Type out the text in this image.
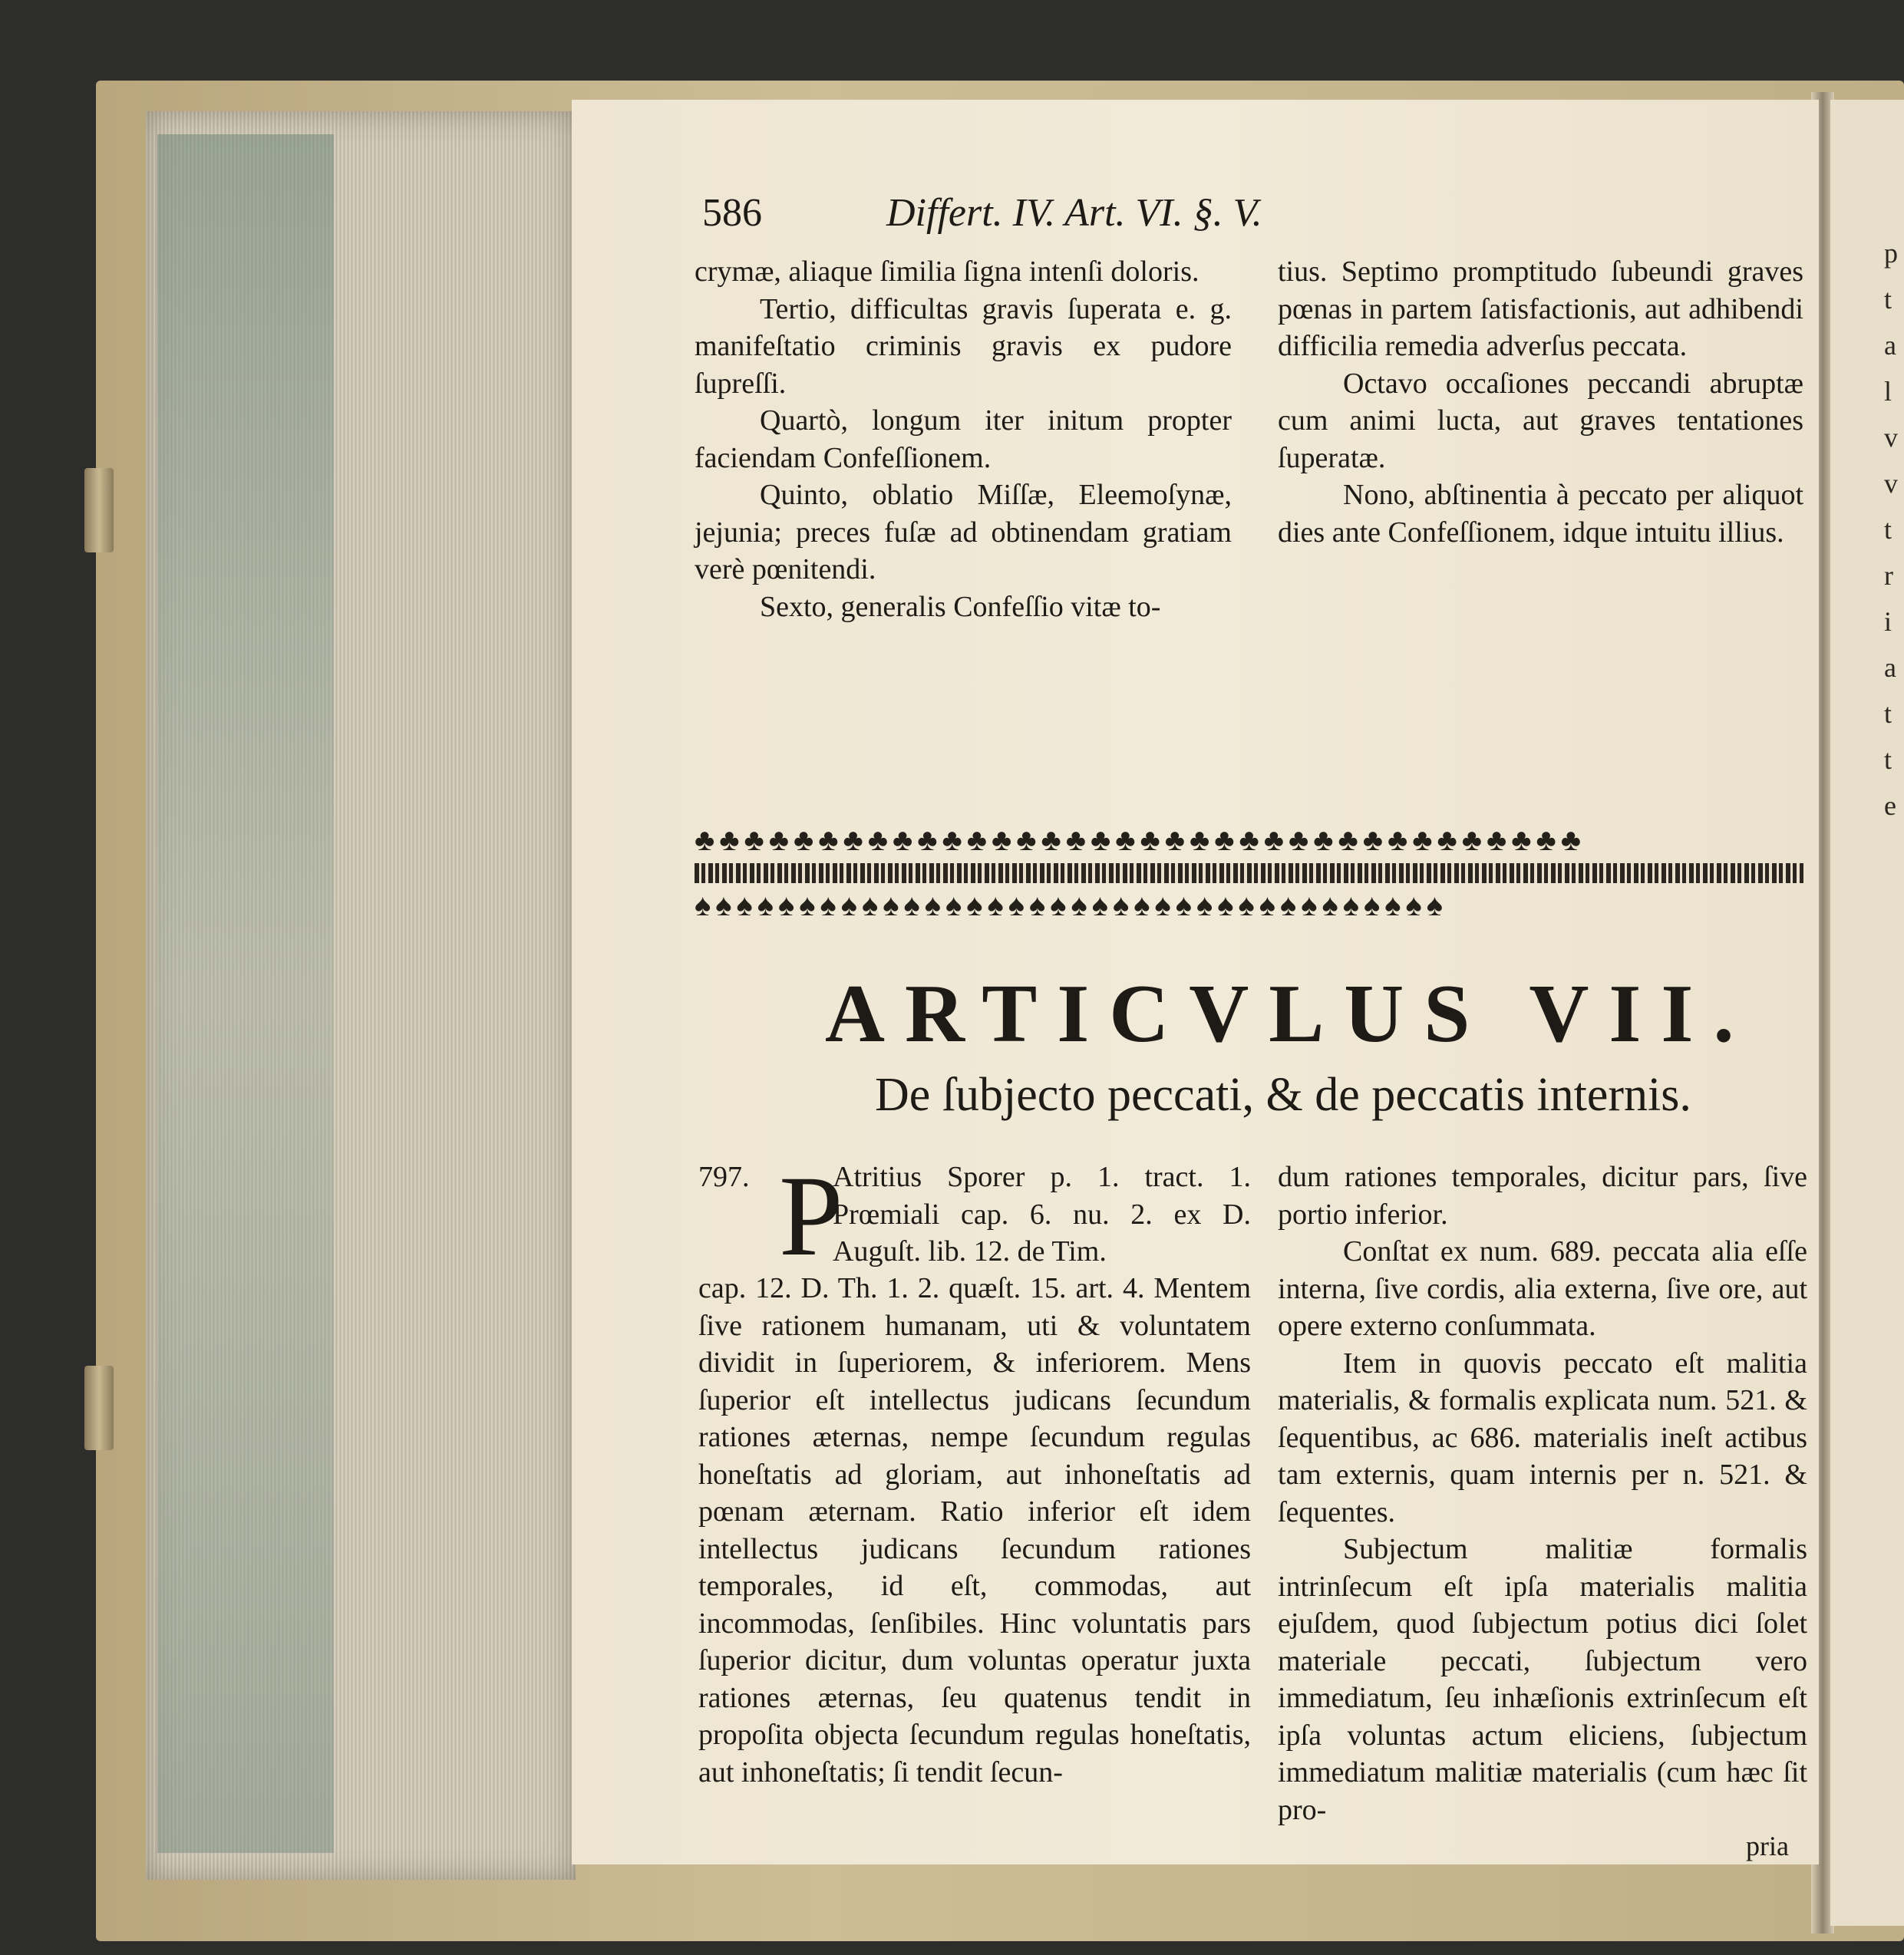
p t a l v v t r i a t t e
586	Differt. IV. Art. VI. §. V.

crymæ, aliaque ſimilia ſigna intenſi doloris.

Tertio, difficultas gravis ſuperata e. g. manifeſtatio criminis gravis ex pudore ſupreſſi.

Quartò, longum iter initum propter faciendam Confeſſionem.

Quinto, oblatio Miſſæ, Eleemoſynæ, jejunia; preces fuſæ ad obtinendam gratiam verè pœnitendi.

Sexto, generalis Confeſſio vitæ to-

tius. Septimo promptitudo ſubeundi graves pœnas in partem ſatisfactionis, aut adhibendi difficilia remedia adverſus peccata.

Octavo occaſiones peccandi abruptæ cum animi lucta, aut graves tentationes ſuperatæ.

Nono, abſtinentia à peccato per aliquot dies ante Confeſſionem, idque intuitu illius.

♣♣♣♣♣♣♣♣♣♣♣♣♣♣♣♣♣♣♣♣♣♣♣♣♣♣♣♣♣♣♣♣♣♣♣♣
♠♠♠♠♠♠♠♠♠♠♠♠♠♠♠♠♠♠♠♠♠♠♠♠♠♠♠♠♠♠♠♠♠♠♠♠
ARTICVLUS VII.
De ſubjecto peccati, & de peccatis internis.
797. P
Atritius Sporer p. 1. tract. 1. Prœmiali cap. 6. nu. 2. ex D. Auguſt. lib. 12. de Tim.

cap. 12. D. Th. 1. 2. quæſt. 15. art. 4. Mentem ſive rationem humanam, uti & voluntatem dividit in ſuperiorem, & inferiorem. Mens ſuperior eſt intellectus judicans ſecundum rationes æternas, nempe ſecundum regulas honeſtatis ad gloriam, aut inhoneſtatis ad pœnam æternam. Ratio inferior eſt idem intellectus judicans ſecundum rationes temporales, id eſt, commodas, aut incommodas, ſenſibiles. Hinc voluntatis pars ſuperior dicitur, dum voluntas operatur juxta rationes æternas, ſeu quatenus tendit in propoſita objecta ſecundum regulas honeſtatis, aut inhoneſtatis; ſi tendit ſecun-

dum rationes temporales, dicitur pars, ſive portio inferior.

Conſtat ex num. 689. peccata alia eſſe interna, ſive cordis, alia externa, ſive ore, aut opere externo conſummata.

Item in quovis peccato eſt malitia materialis, & formalis explicata num. 521. & ſequentibus, ac 686. materialis ineſt actibus tam externis, quam internis per n. 521. & ſequentes.

Subjectum malitiæ formalis intrinſecum eſt ipſa materialis malitia ejuſdem, quod ſubjectum potius dici ſolet materiale peccati, ſubjectum vero immediatum, ſeu inhæſionis extrinſecum eſt ipſa voluntas actum eliciens, ſubjectum immediatum malitiæ materialis (cum hæc ſit pro-

pria
